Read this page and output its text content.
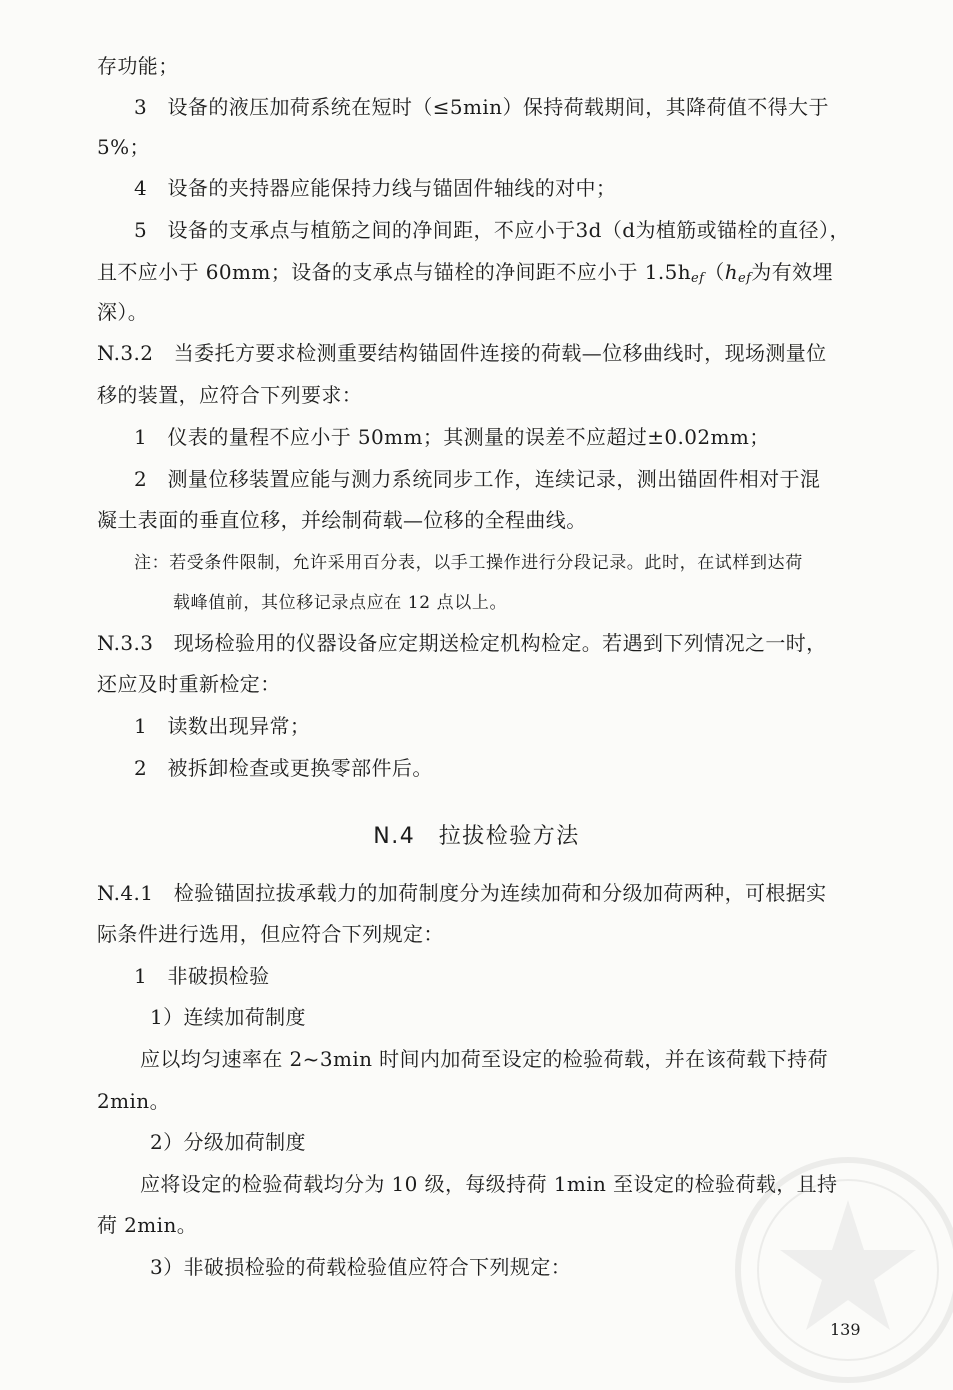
存功能；
3　设备的液压加荷系统在短时（≤5min）保持荷载期间，其降荷值不得大于
5%；
4　设备的夹持器应能保持力线与锚固件轴线的对中；
5　设备的支承点与植筋之间的净间距，不应小于3d（d为植筋或锚栓的直径），
且不应小于 60mm；设备的支承点与锚栓的净间距不应小于 $1.5h_{ef}(h_{ef}$为有效埋
深）。
N.3.2　当委托方要求检测重要结构锚固件连接的荷载—位移曲线时，现场测量位
移的装置，应符合下列要求：
1　仪表的量程不应小于 50mm；其测量的误差不应超过±0.02mm；
2　测量位移装置应能与测力系统同步工作，连续记录，测出锚固件相对于混
凝土表面的垂直位移，并绘制荷载—位移的全程曲线。
注：若受条件限制，允许采用百分表，以手工操作进行分段记录。此时，在试样到达荷
载峰值前，其位移记录点应在 12 点以上。
N.3.3　现场检验用的仪器设备应定期送检定机构检定。若遇到下列情况之一时，
还应及时重新检定：
1　读数出现异常；
2　被拆卸检查或更换零部件后。
N.4　拉拔检验方法
N.4.1　检验锚固拉拔承载力的加荷制度分为连续加荷和分级加荷两种，可根据实
际条件进行选用，但应符合下列规定：
1　非破损检验
1）连续加荷制度
应以均匀速率在 2~3min 时间内加荷至设定的检验荷载，并在该荷载下持荷
2min。
2）分级加荷制度
应将设定的检验荷载均分为 10 级，每级持荷 1min 至设定的检验荷载，且持
荷 2min。
3）非破损检验的荷载检验值应符合下列规定：
139
